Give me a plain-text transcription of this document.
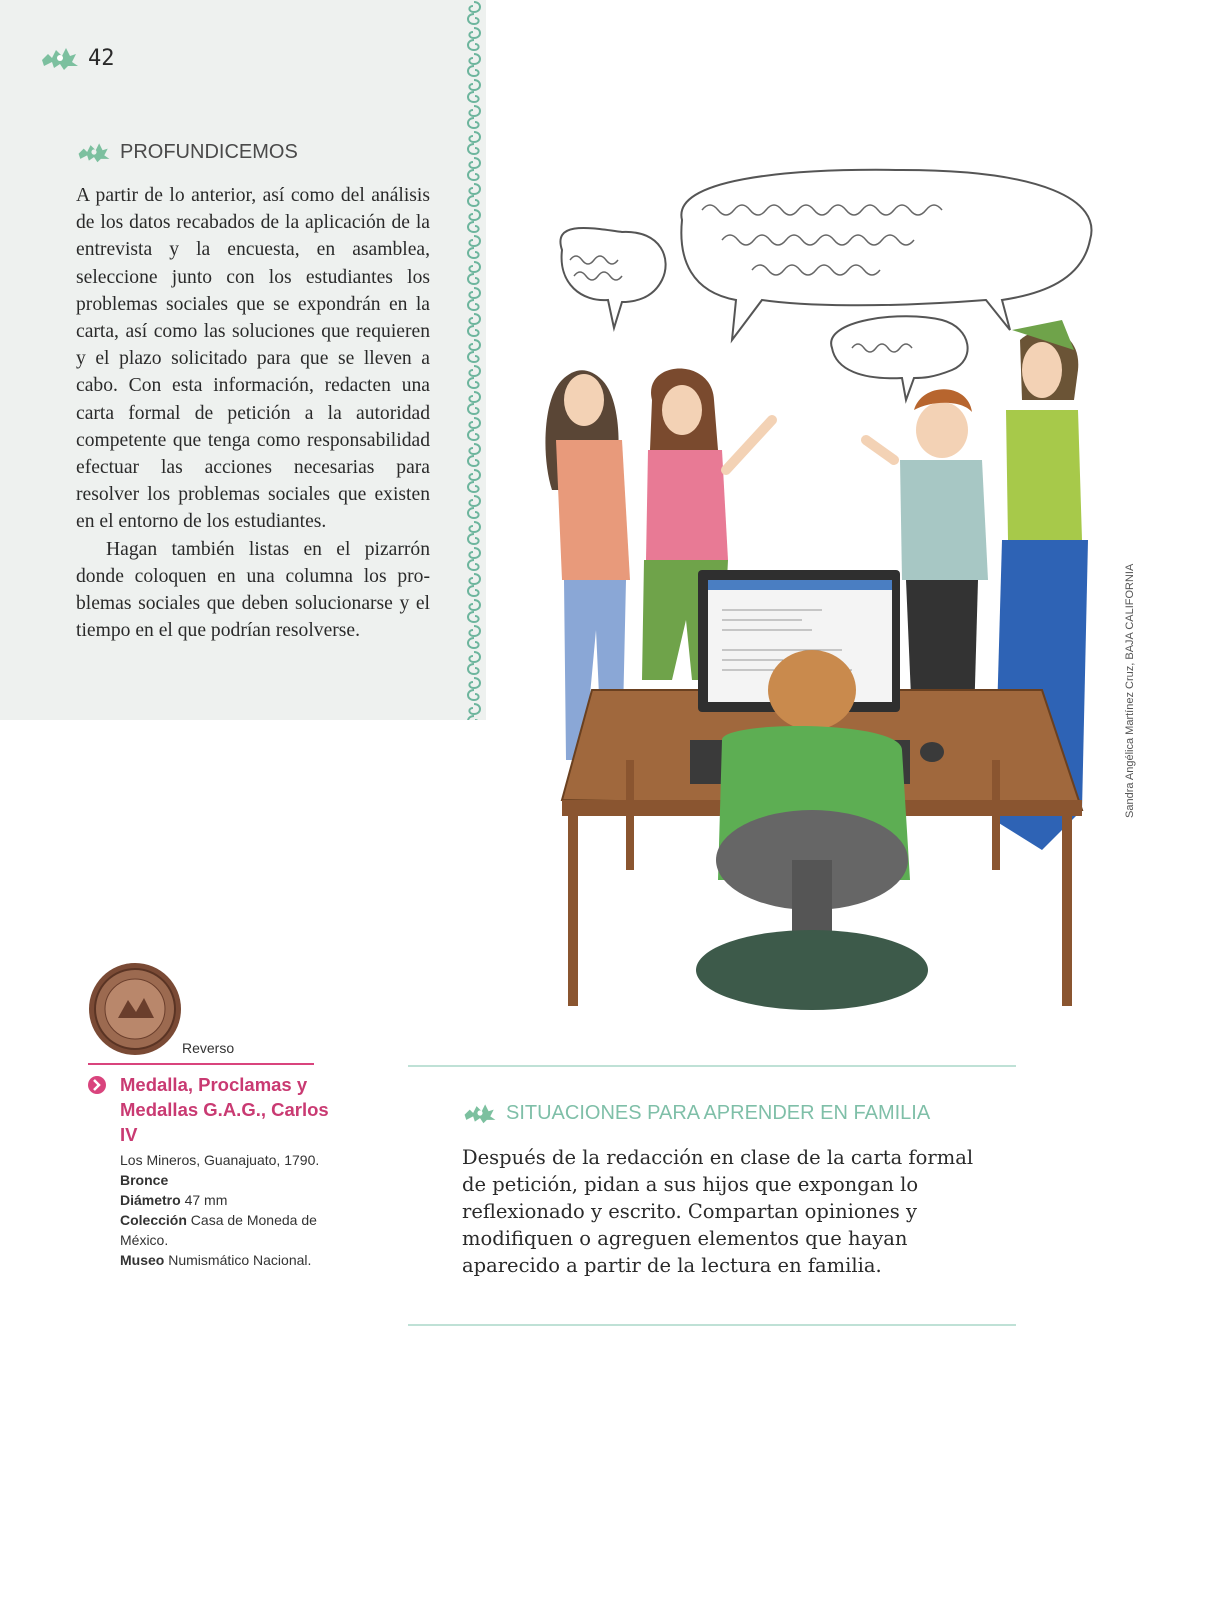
42
PROFUNDICEMOS

A partir de lo anterior, así como del análisis de los datos recabados de la aplicación de la entrevista y la encuesta, en asamblea, seleccione junto con los estudiantes los problemas sociales que se expondrán en la carta, así como las soluciones que requieren y el plazo solicitado para que se lleven a cabo. Con esta información, redacten una carta formal de petición a la autoridad competente que tenga como responsabilidad efectuar las acciones necesarias para resolver los problemas sociales que existen en el entorno de los estudiantes.

Hagan también listas en el pizarrón donde coloquen en una columna los problemas sociales que deben solucionarse y el tiempo en el que podrían resolverse.	Sandra Angélica Martínez Cruz, BAJA CALIFORNIA
Reverso
Medalla, Proclamas y Medallas G.A.G., Carlos IV
Los Mineros, Guanajuato, 1790.
Bronce
Diámetro 47 mm
Colección Casa de Moneda de México.
Museo Numismático Nacional.
SITUACIONES PARA APRENDER EN FAMILIA

Después de la redacción en clase de la carta formal de petición, pidan a sus hijos que expongan lo reflexionado y escrito. Compartan opiniones y modifiquen o agreguen elementos que hayan aparecido a partir de la lectura en familia.
